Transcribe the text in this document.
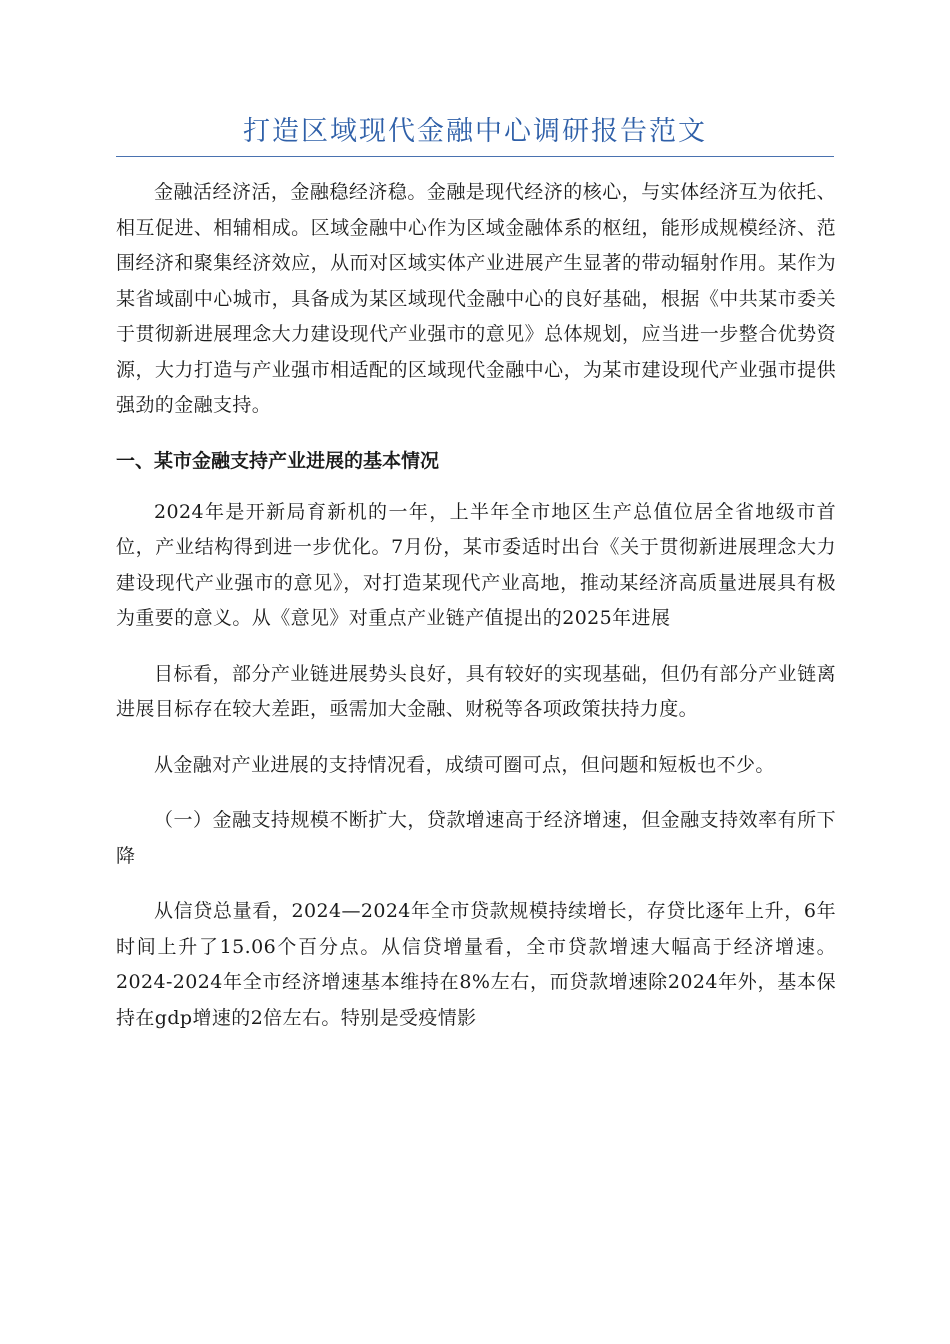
打造区域现代金融中心调研报告范文

金融活经济活，金融稳经济稳。金融是现代经济的核心，与实体经济互为依托、相互促进、相辅相成。区域金融中心作为区域金融体系的枢纽，能形成规模经济、范围经济和聚集经济效应，从而对区域实体产业进展产生显著的带动辐射作用。某作为某省域副中心城市，具备成为某区域现代金融中心的良好基础，根据《中共某市委关于贯彻新进展理念大力建设现代产业强市的意见》总体规划，应当进一步整合优势资源，大力打造与产业强市相适配的区域现代金融中心，为某市建设现代产业强市提供强劲的金融支持。

一、某市金融支持产业进展的基本情况

2024年是开新局育新机的一年，上半年全市地区生产总值位居全省地级市首位，产业结构得到进一步优化。7月份，某市委适时出台《关于贯彻新进展理念大力建设现代产业强市的意见》，对打造某现代产业高地，推动某经济高质量进展具有极为重要的意义。从《意见》对重点产业链产值提出的2025年进展

目标看，部分产业链进展势头良好，具有较好的实现基础，但仍有部分产业链离进展目标存在较大差距，亟需加大金融、财税等各项政策扶持力度。

从金融对产业进展的支持情况看，成绩可圈可点，但问题和短板也不少。

（一）金融支持规模不断扩大，贷款增速高于经济增速，但金融支持效率有所下降

从信贷总量看，2024—2024年全市贷款规模持续增长，存贷比逐年上升，6年时间上升了15.06个百分点。从信贷增量看，全市贷款增速大幅高于经济增速。2024-2024年全市经济增速基本维持在8%左右，而贷款增速除2024年外，基本保持在gdp增速的2倍左右。特别是受疫情影
